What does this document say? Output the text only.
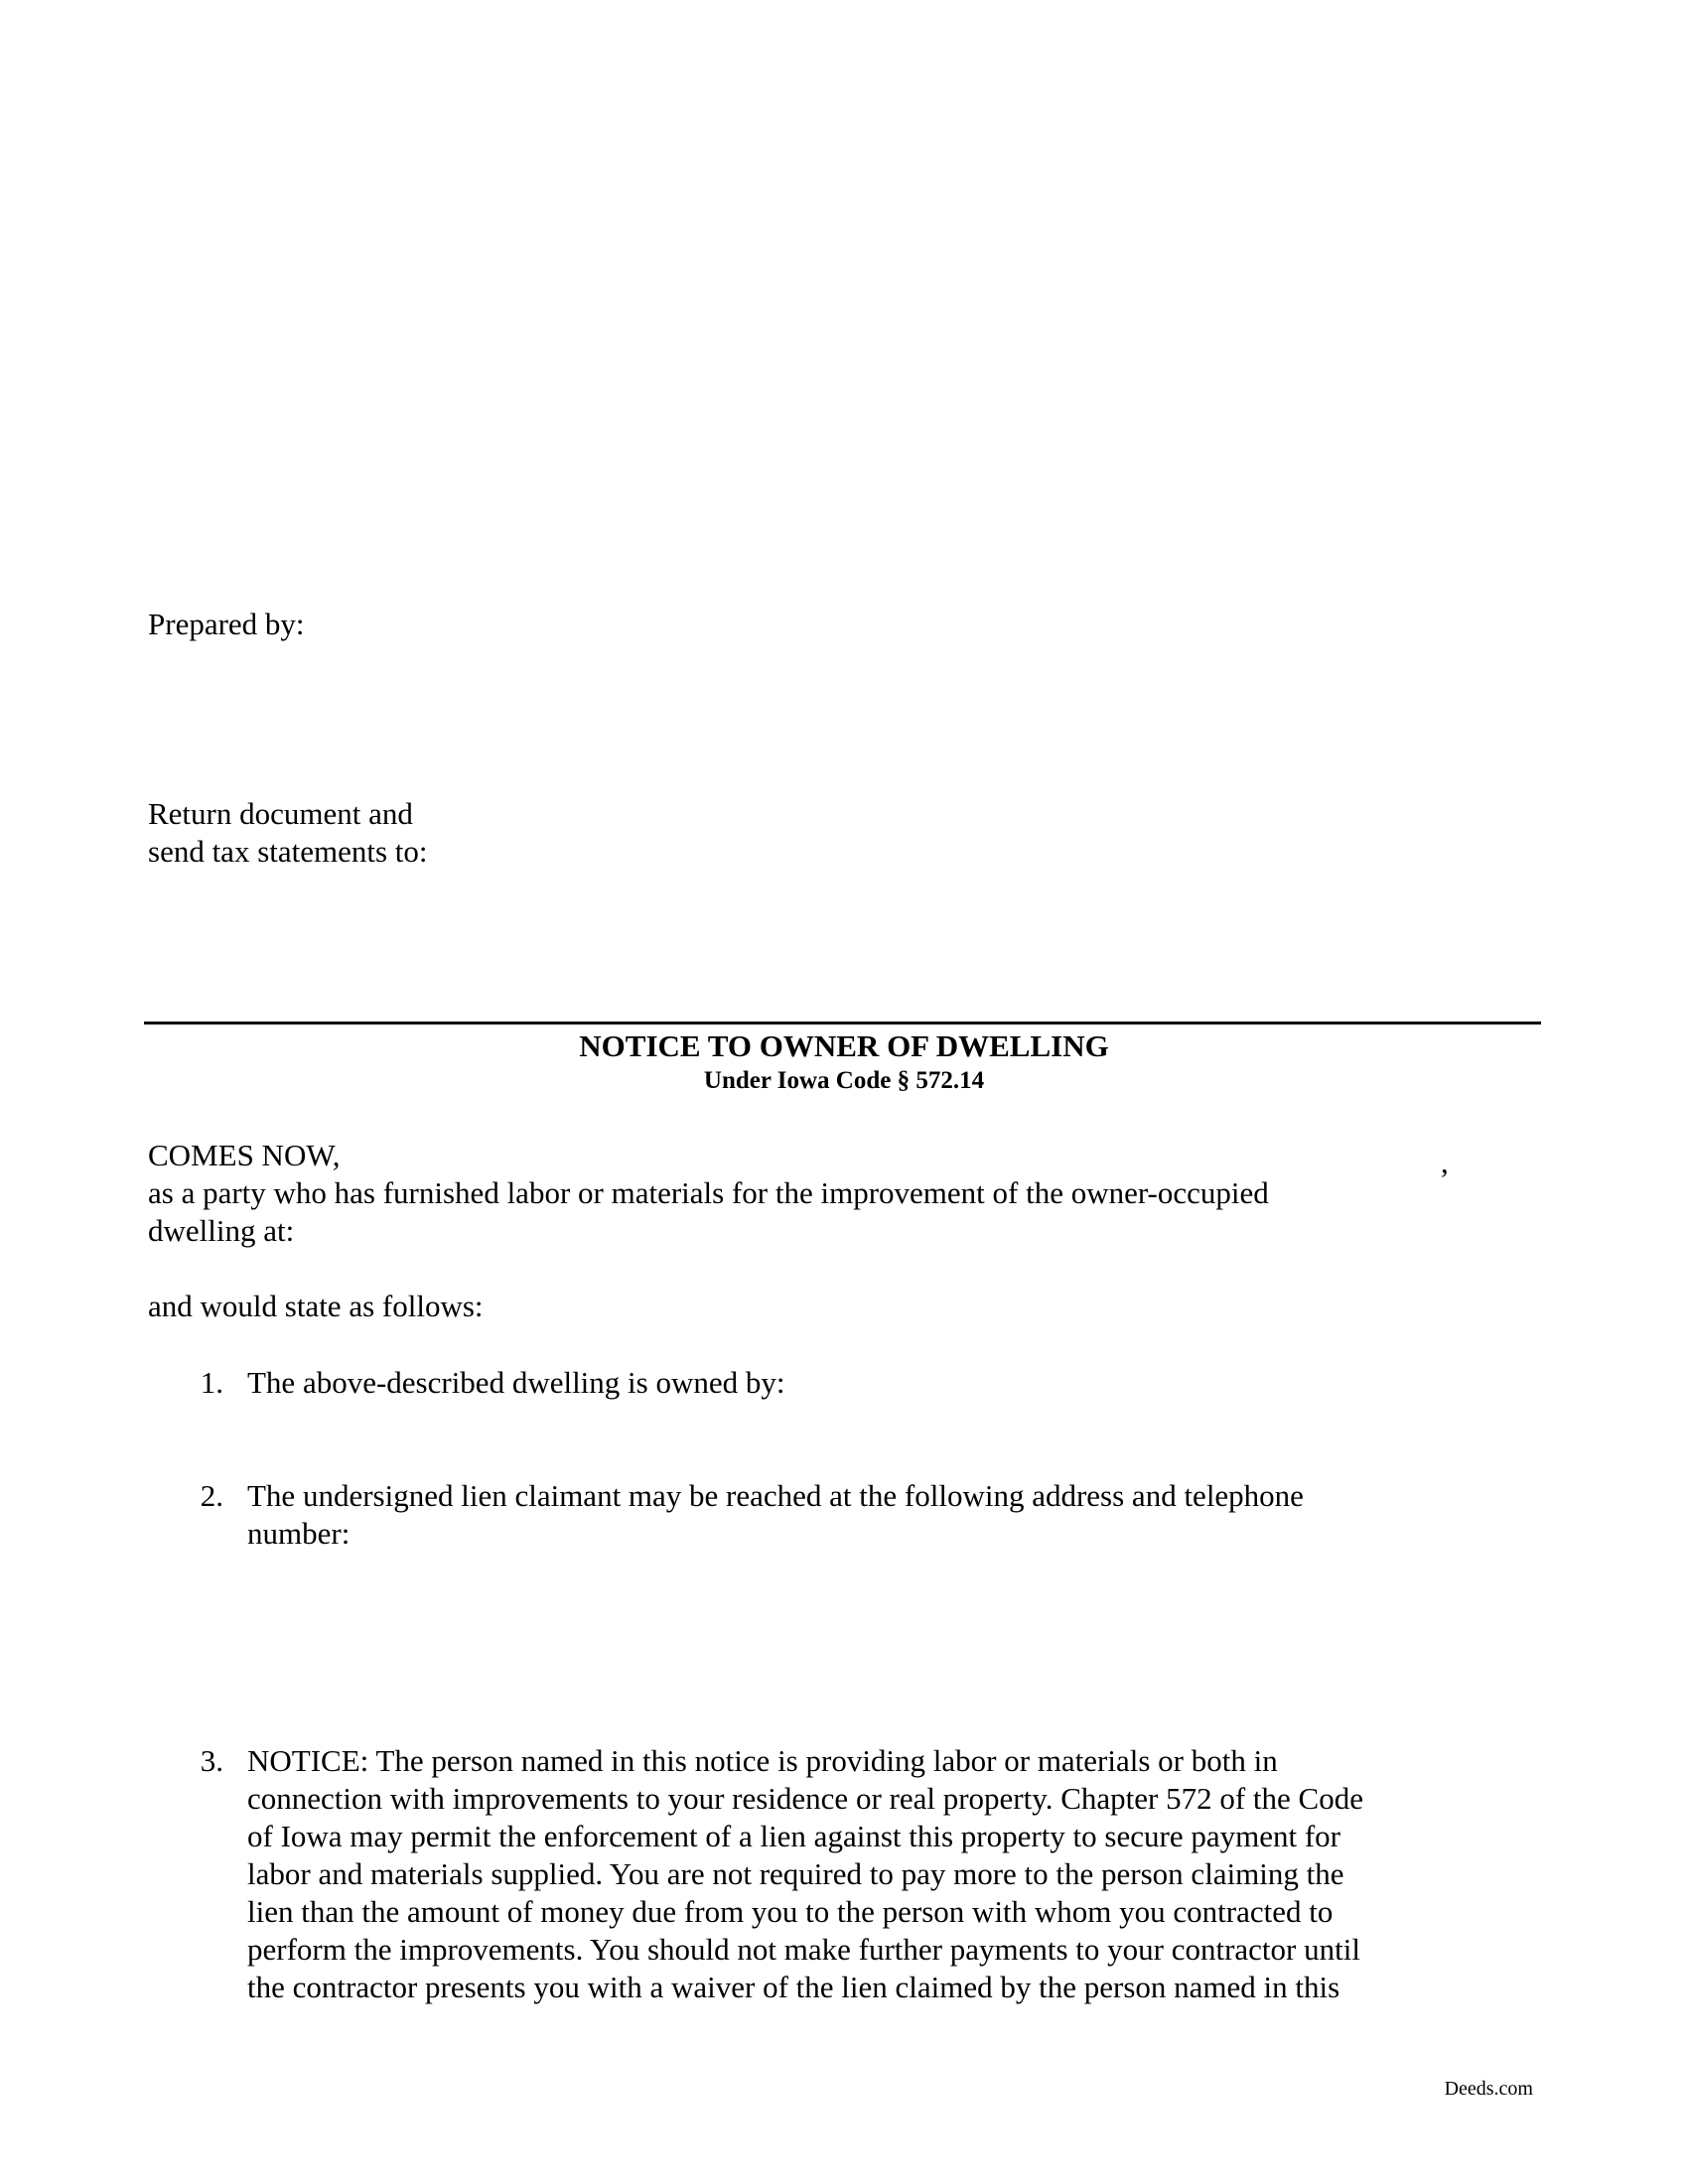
Prepared by:
Return document and
send tax statements to:
NOTICE TO OWNER OF DWELLING
Under Iowa Code § 572.14
COMES NOW,	,
as a party who has furnished labor or materials for the improvement of the owner-occupied
dwelling at:
and would state as follows:
1. The above-described dwelling is owned by:
2. The undersigned lien claimant may be reached at the following address and telephone
number:
3. NOTICE: The person named in this notice is providing labor or materials or both in
connection with improvements to your residence or real property. Chapter 572 of the Code
of Iowa may permit the enforcement of a lien against this property to secure payment for
labor and materials supplied. You are not required to pay more to the person claiming the
lien than the amount of money due from you to the person with whom you contracted to
perform the improvements. You should not make further payments to your contractor until
the contractor presents you with a waiver of the lien claimed by the person named in this
Deeds.com
